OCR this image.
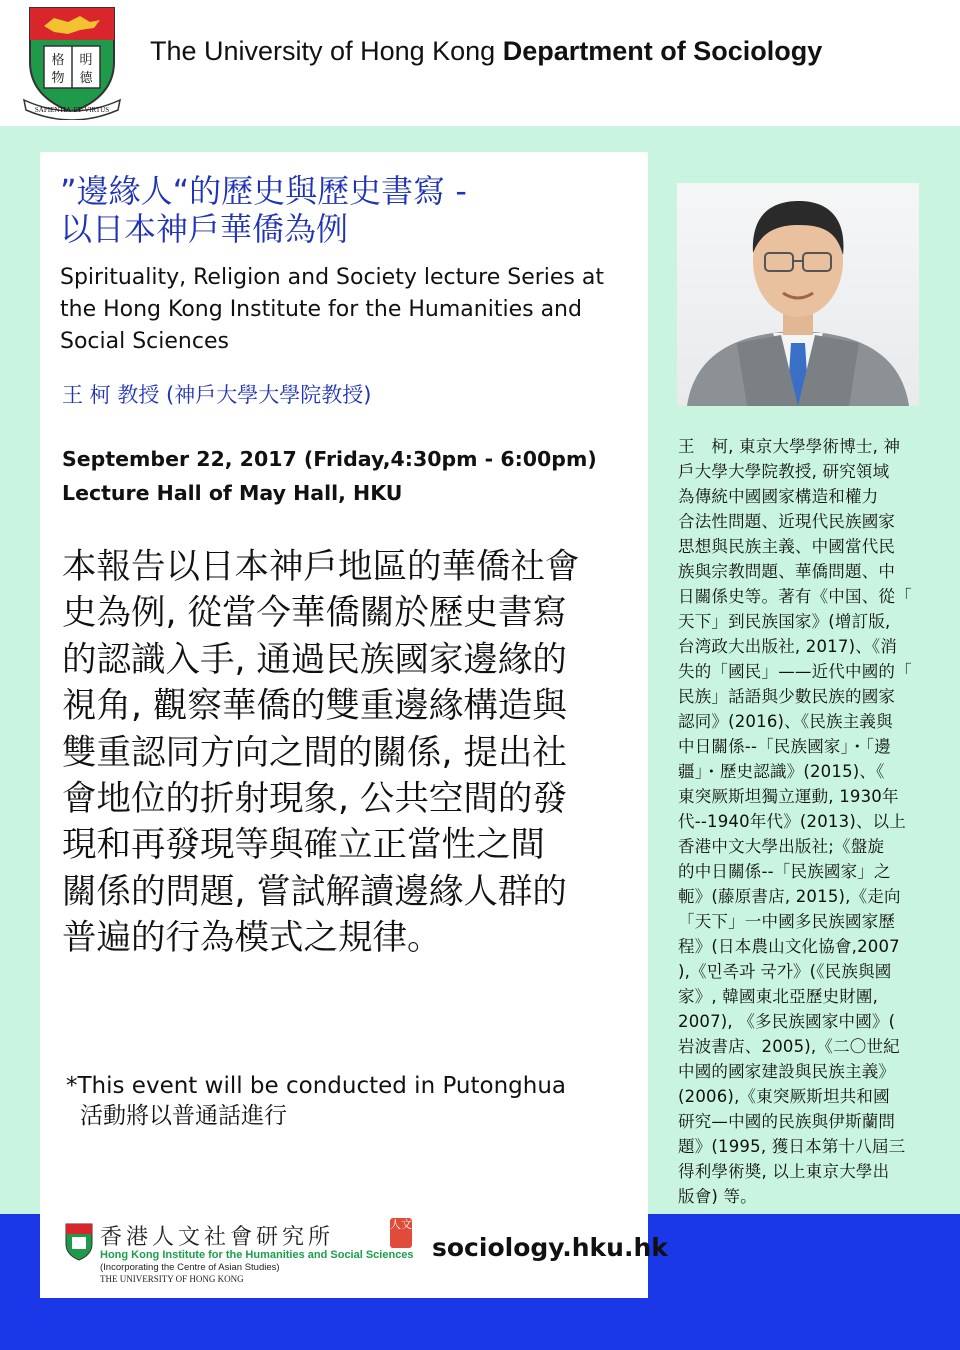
格 明
物 德
SAPIENTIA·ET·VIRTUS
The University of Hong Kong Department of Sociology
”邊緣人“的歷史與歷史書寫 -
以日本神戶華僑為例
Spirituality, Religion and Society lecture Series at
the Hong Kong Institute for the Humanities and
Social Sciences
王 柯 教授 (神戶大學大學院教授)
September 22, 2017 (Friday,4:30pm - 6:00pm)
Lecture Hall of May Hall, HKU
本報告以日本神戶地區的華僑社會
史為例, 從當今華僑關於歷史書寫
的認識入手, 通過民族國家邊緣的
視角, 觀察華僑的雙重邊緣構造與
雙重認同方向之間的關係, 提出社
會地位的折射現象, 公共空間的發
現和再發現等與確立正當性之間
關係的問題, 嘗試解讀邊緣人群的
普遍的行為模式之規律。
*This event will be conducted in Putonghua
活動將以普通話進行
王　柯, 東京大學學術博士, 神
戶大學大學院教授, 研究領域
為傳統中國國家構造和權力
合法性問題、近現代民族國家
思想與民族主義、中國當代民
族與宗教問題、華僑問題、中
日關係史等。著有《中国、從「
天下」到民族国家》(增訂版,
台湾政大出版社, 2017)、《消
失的「國民」——近代中國的「
民族」話語與少數民族的國家
認同》(2016)、《民族主義與
中日關係--「民族國家」・「邊
疆」・歷史認識》(2015)、《
東突厥斯坦獨立運動, 1930年
代--1940年代》(2013)、以上
香港中文大學出版社;《盤旋
的中日關係--「民族國家」之
軛》(藤原書店, 2015),《走向
「天下」一中國多民族國家歷
程》(日本農山文化協會,2007
),《민족과 국가》(《民族與國
家》, 韓國東北亞歷史財團,
2007), 《多民族國家中國》(
岩波書店、2005),《二〇世紀
中國的國家建設與民族主義》
(2006),《東突厥斯坦共和國
研究—中國的民族與伊斯蘭問
題》(1995, 獲日本第十八屆三
得利學術奬, 以上東京大學出
版會) 等。
香港人文社會研究所
人文
Hong Kong Institute for the Humanities and Social Sciences
(Incorporating the Centre of Asian Studies)
THE UNIVERSITY OF HONG KONG
sociology.hku.hk
